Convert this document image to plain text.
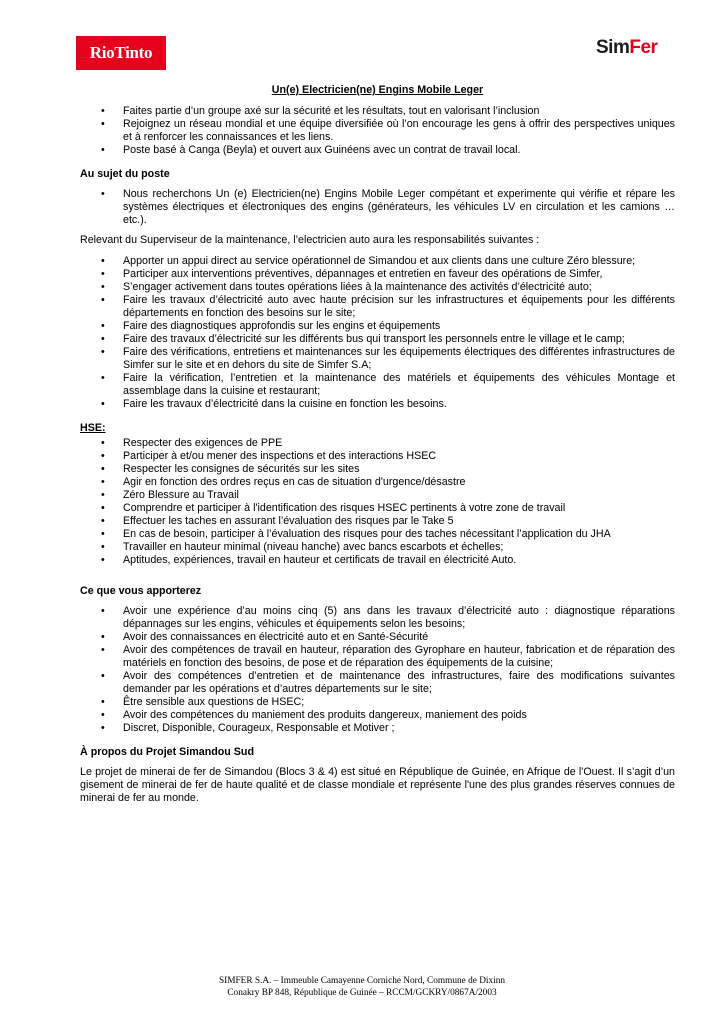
RioTinto	SimFer
Un(e) Electricien(ne) Engins Mobile Leger
• Faites partie d’un groupe axé sur la sécurité et les résultats, tout en valorisant l’inclusion
• Rejoignez un réseau mondial et une équipe diversifiée où l’on encourage les gens à offrir des perspectives uniques et à renforcer les connaissances et les liens.
• Poste basé à Canga (Beyla) et ouvert aux Guinéens avec un contrat de travail local.
Au sujet du poste
• Nous recherchons Un (e) Electricien(ne) Engins Mobile Leger compétant et experimente qui vérifie et répare les systèmes électriques et électroniques des engins (générateurs, les véhicules LV en circulation et les camions …etc.).

Relevant du Superviseur de la maintenance, l’electricien auto aura les responsabilités suivantes :

• Apporter un appui direct au service opérationnel de Simandou et aux clients dans une culture Zéro blessure;
• Participer aux interventions préventives, dépannages et entretien en faveur des opérations de Simfer,
• S’engager activement dans toutes opérations liées à la maintenance des activités d’électricité auto;
• Faire les travaux d’électricité auto avec haute précision sur les infrastructures et équipements pour les différents départements en fonction des besoins sur le site;
• Faire des diagnostiques approfondis sur les engins et équipements
• Faire des travaux d’électricité sur les différents bus qui transport les personnels entre le village et le camp;
• Faire des vérifications, entretiens et maintenances sur les équipements électriques des différentes infrastructures de Simfer sur le site et en dehors du site de Simfer S.A;
• Faire la vérification, l’entretien et la maintenance des matériels et équipements des véhicules Montage et assemblage dans la cuisine et restaurant;
• Faire les travaux d’électricité dans la cuisine en fonction les besoins.
HSE:
• Respecter des exigences de PPE
• Participer à et/ou mener des inspections et des interactions HSEC
• Respecter les consignes de sécurités sur les sites
• Agir en fonction des ordres reçus en cas de situation d'urgence/désastre
• Zéro Blessure au Travail
• Comprendre et participer à l'identification des risques HSEC pertinents à votre zone de travail
• Effectuer les taches en assurant l’évaluation des risques par le Take 5
• En cas de besoin, participer à l’évaluation des risques pour des taches nécessitant l’application du JHA
• Travailler en hauteur minimal (niveau hanche) avec bancs escarbots et échelles;
• Aptitudes, expériences, travail en hauteur et certificats de travail en électricité Auto.
Ce que vous apporterez
• Avoir une expérience d’au moins cinq (5) ans dans les travaux d’électricité auto : diagnostique réparations dépannages sur les engins, véhicules et équipements selon les besoins;
• Avoir des connaissances en électricité auto et en Santé-Sécurité
• Avoir des compétences de travail en hauteur, réparation des Gyrophare en hauteur, fabrication et de réparation des matériels en fonction des besoins, de pose et de réparation des équipements de la cuisine;
• Avoir des compétences d’entretien et de maintenance des infrastructures, faire des modifications suivantes demander par les opérations et d’autres départements sur le site;
• Être sensible aux questions de HSEC;
• Avoir des compétences du maniement des produits dangereux, maniement des poids
• Discret, Disponible, Courageux, Responsable et Motiver ;
À propos du Projet Simandou Sud

Le projet de minerai de fer de Simandou (Blocs 3 & 4) est situé en République de Guinée, en Afrique de l'Ouest. Il s’agit d’un gisement de minerai de fer de haute qualité et de classe mondiale et représente l'une des plus grandes réserves connues de minerai de fer au monde.

SIMFER S.A. – Immeuble Camayenne Corniche Nord, Commune de Dixinn
Conakry BP 848, République de Guinée – RCCM/GCKRY/0867A/2003
